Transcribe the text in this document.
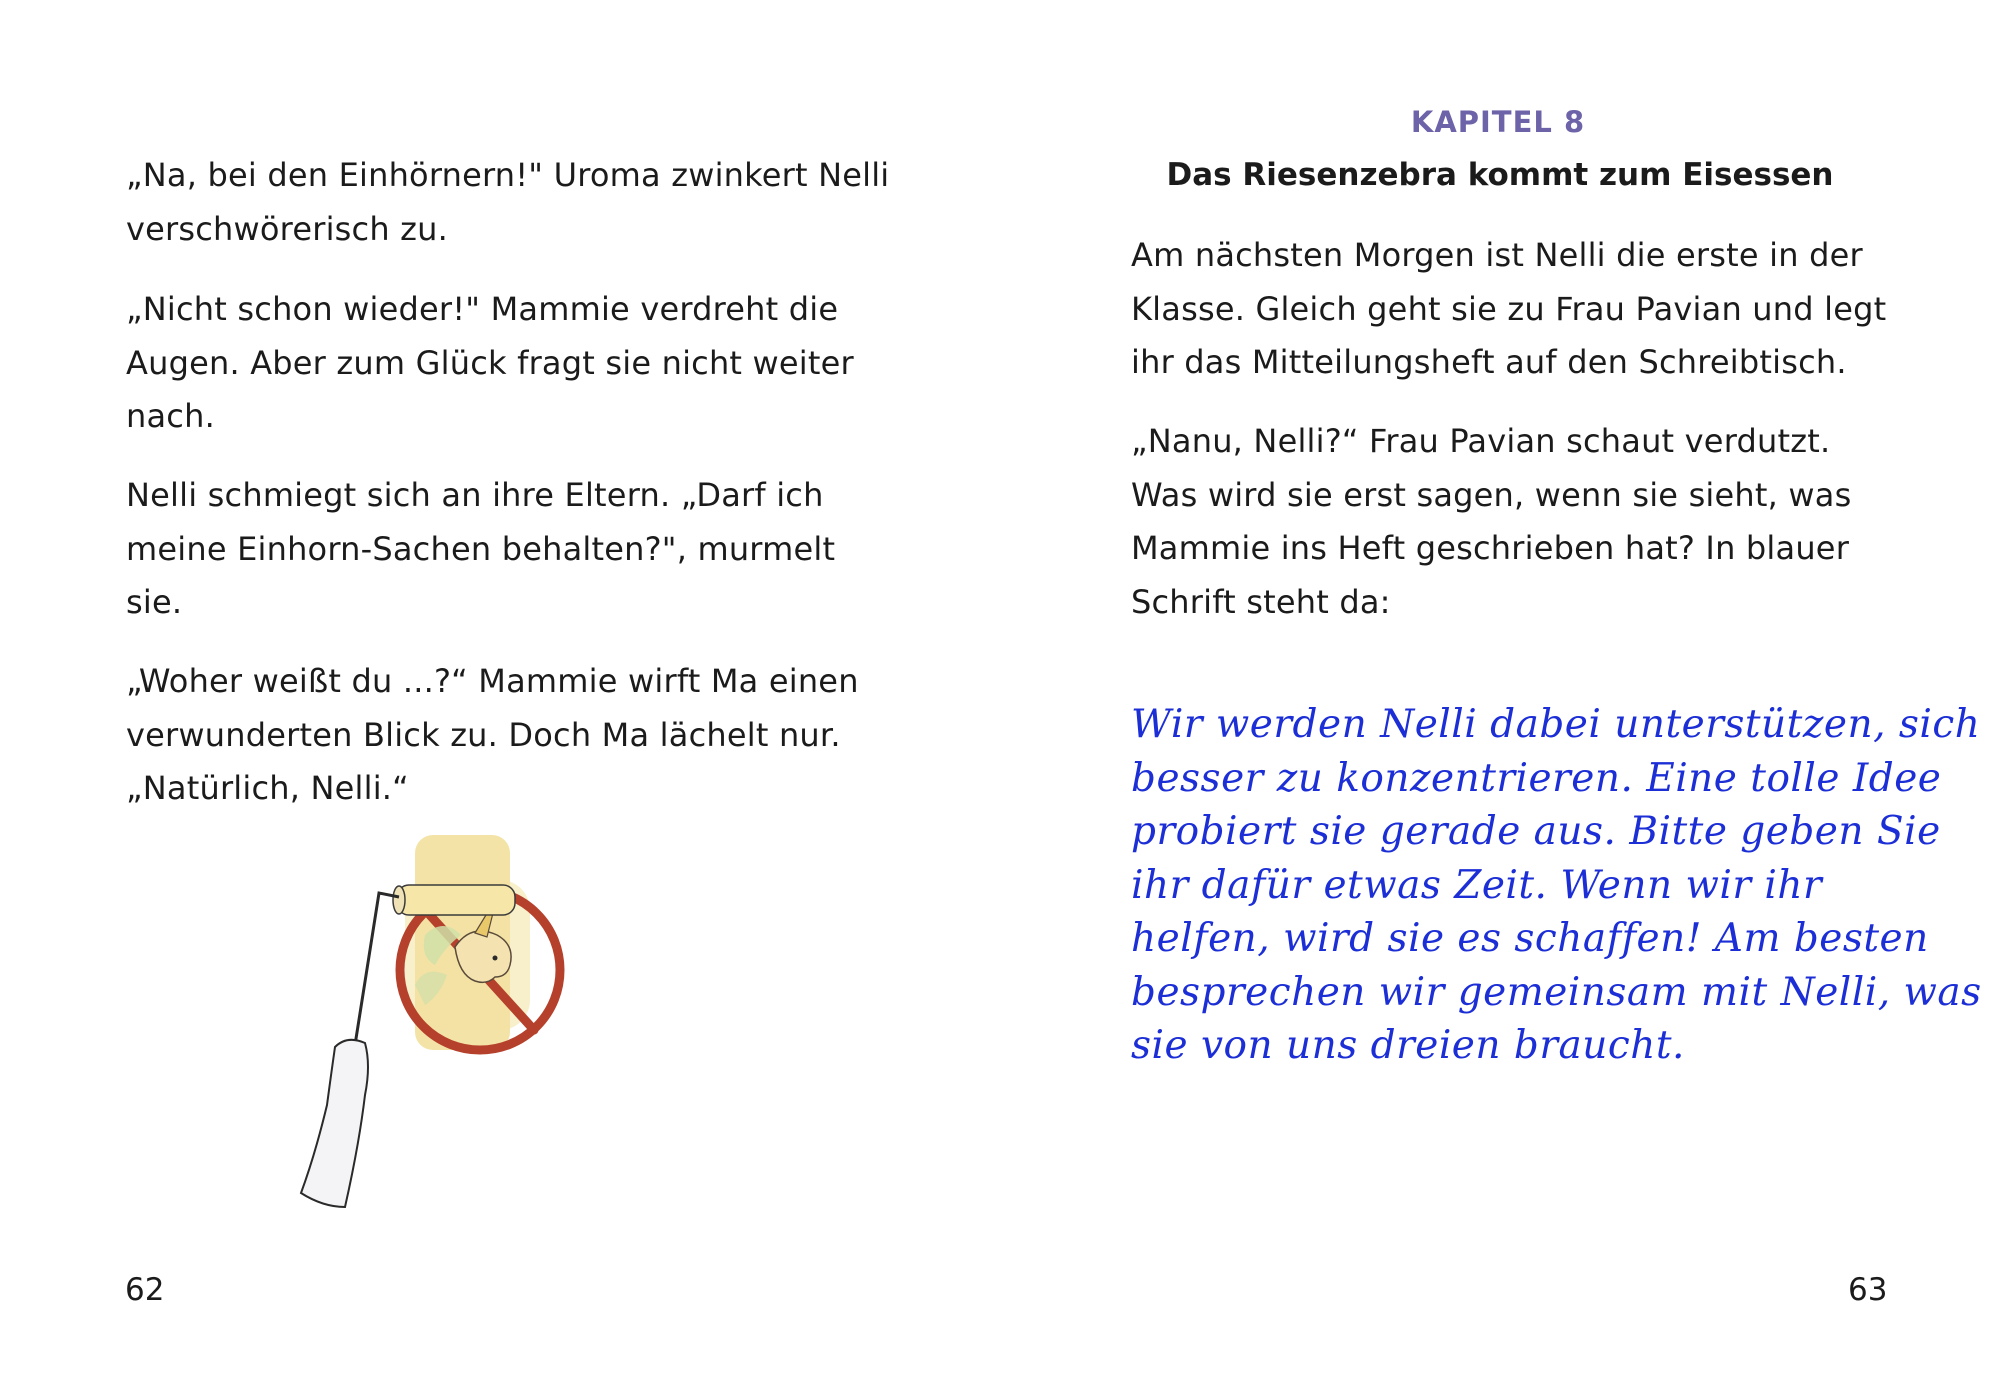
„Na, bei den Einhörnern!" Uroma zwinkert Nelli
verschwörerisch zu.

„Nicht schon wieder!" Mammie verdreht die
Augen. Aber zum Glück fragt sie nicht weiter
nach.

Nelli schmiegt sich an ihre Eltern. „Darf ich
meine Einhorn-Sachen behalten?", murmelt
sie.

„Woher weißt du ...?“ Mammie wirft Ma einen
verwunderten Blick zu. Doch Ma lächelt nur.
„Natürlich, Nelli.“

62
KAPITEL 8
Das Riesenzebra kommt zum Eisessen

Am nächsten Morgen ist Nelli die erste in der
Klasse. Gleich geht sie zu Frau Pavian und legt
ihr das Mitteilungsheft auf den Schreibtisch.

„Nanu, Nelli?“ Frau Pavian schaut verdutzt.
Was wird sie erst sagen, wenn sie sieht, was
Mammie ins Heft geschrieben hat? In blauer
Schrift steht da:

Wir werden Nelli dabei unterstützen, sich
besser zu konzentrieren. Eine tolle Idee
probiert sie gerade aus. Bitte geben Sie
ihr dafür etwas Zeit. Wenn wir ihr
helfen, wird sie es schaffen! Am besten
besprechen wir gemeinsam mit Nelli, was
sie von uns dreien braucht.

63
